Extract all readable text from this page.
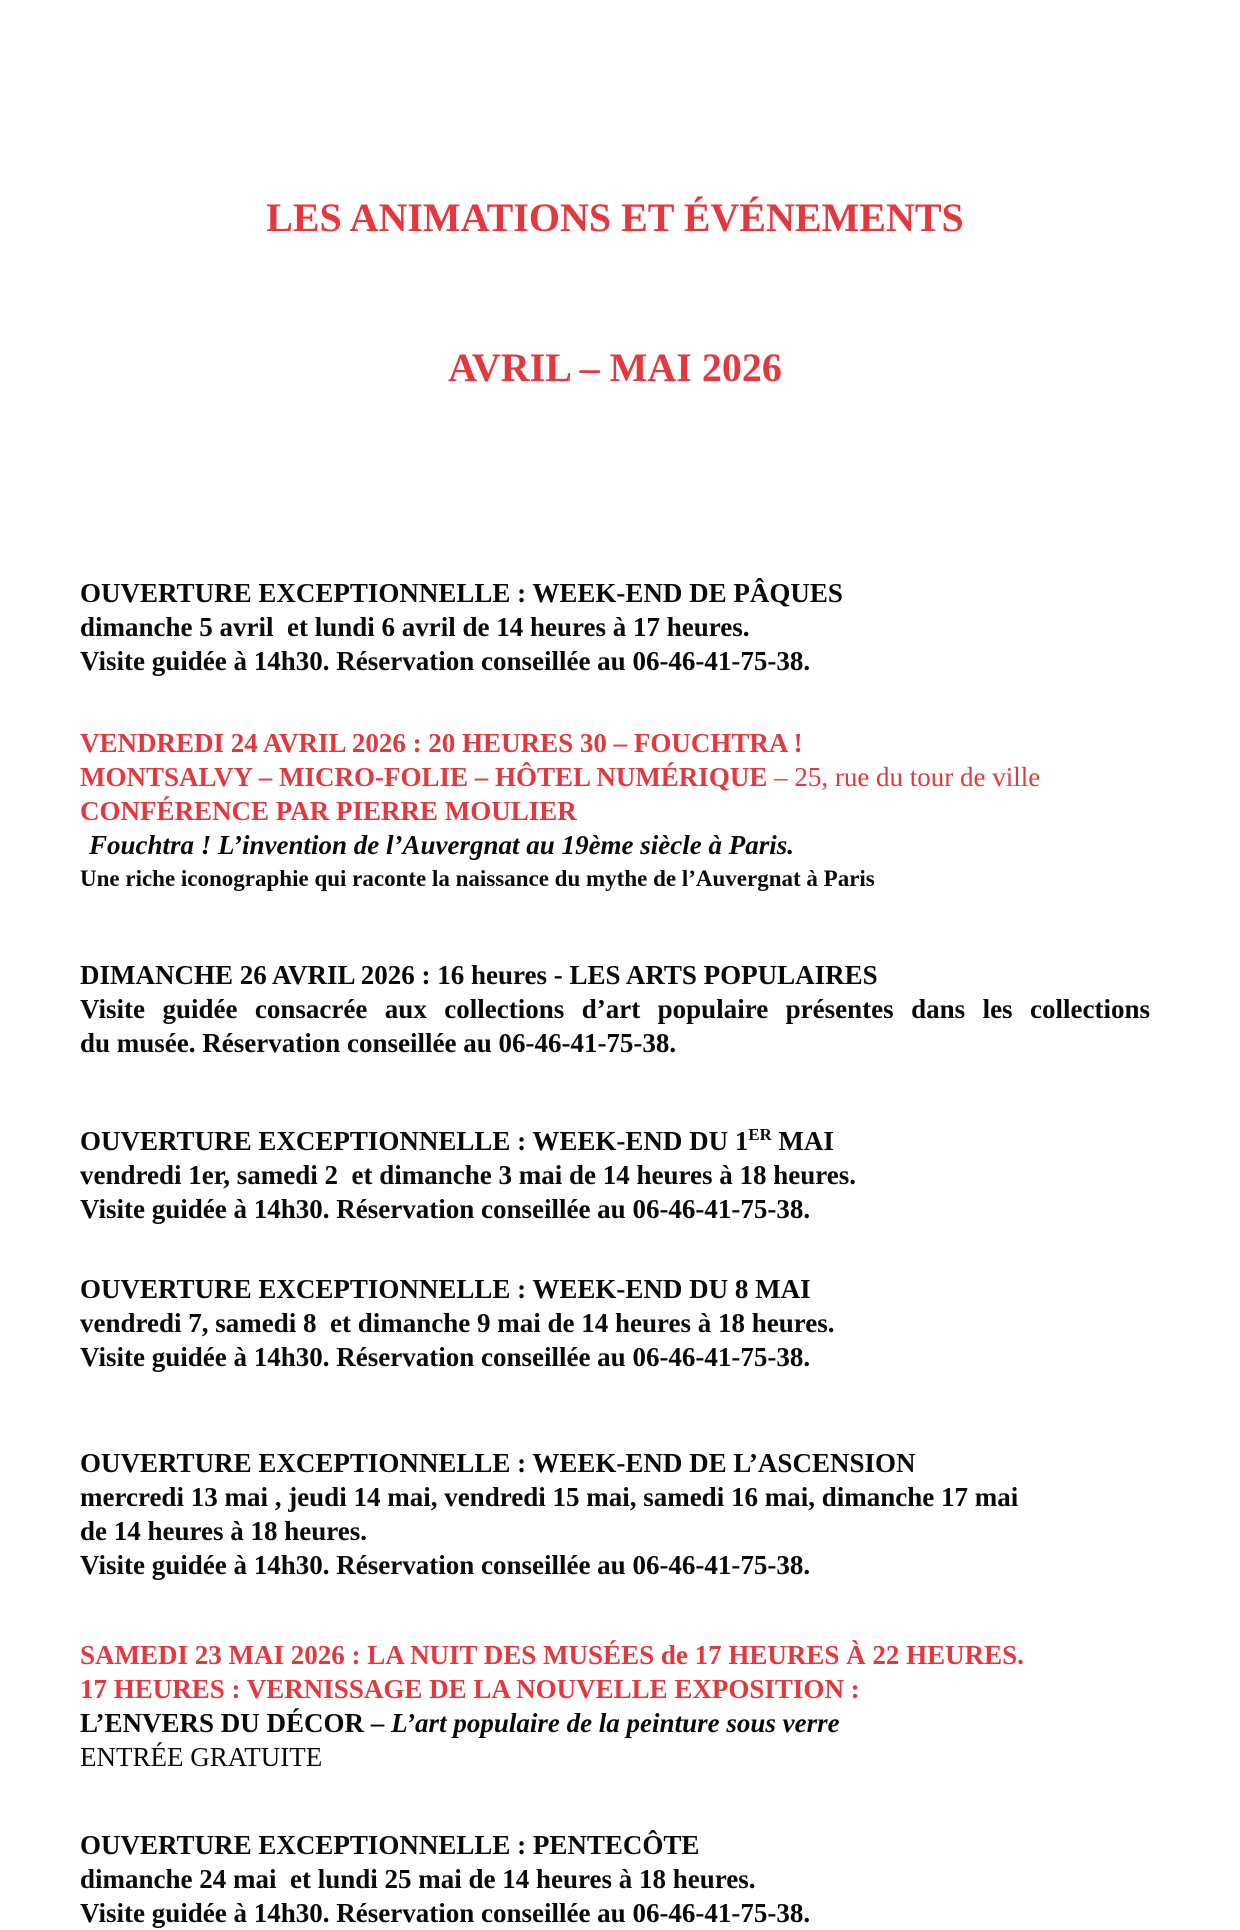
LES ANIMATIONS ET ÉVÉNEMENTS

AVRIL – MAI 2026

OUVERTURE EXCEPTIONNELLE : WEEK-END DE PÂQUES
dimanche 5 avril  et lundi 6 avril de 14 heures à 17 heures.
Visite guidée à 14h30. Réservation conseillée au 06-46-41-75-38.
VENDREDI 24 AVRIL 2026 : 20 HEURES 30 – FOUCHTRA !
MONTSALVY – MICRO-FOLIE – HÔTEL NUMÉRIQUE – 25, rue du tour de ville
CONFÉRENCE PAR PIERRE MOULIER
Fouchtra ! L’invention de l’Auvergnat au 19ème siècle à Paris.
Une riche iconographie qui raconte la naissance du mythe de l’Auvergnat à Paris
DIMANCHE 26 AVRIL 2026 : 16 heures - LES ARTS POPULAIRES
Visite guidée consacrée aux collections d’art populaire présentes dans les collections
du musée. Réservation conseillée au 06-46-41-75-38.
OUVERTURE EXCEPTIONNELLE : WEEK-END DU 1ER MAI
vendredi 1er, samedi 2  et dimanche 3 mai de 14 heures à 18 heures.
Visite guidée à 14h30. Réservation conseillée au 06-46-41-75-38.
OUVERTURE EXCEPTIONNELLE : WEEK-END DU 8 MAI
vendredi 7, samedi 8  et dimanche 9 mai de 14 heures à 18 heures.
Visite guidée à 14h30. Réservation conseillée au 06-46-41-75-38.
OUVERTURE EXCEPTIONNELLE : WEEK-END DE L’ASCENSION
mercredi 13 mai , jeudi 14 mai, vendredi 15 mai, samedi 16 mai, dimanche 17 mai
de 14 heures à 18 heures.
Visite guidée à 14h30. Réservation conseillée au 06-46-41-75-38.
SAMEDI 23 MAI 2026 : LA NUIT DES MUSÉES de 17 HEURES À 22 HEURES.
17 HEURES : VERNISSAGE DE LA NOUVELLE EXPOSITION :
L’ENVERS DU DÉCOR – L’art populaire de la peinture sous verre
ENTRÉE GRATUITE
OUVERTURE EXCEPTIONNELLE : PENTECÔTE
dimanche 24 mai  et lundi 25 mai de 14 heures à 18 heures.
Visite guidée à 14h30. Réservation conseillée au 06-46-41-75-38.
